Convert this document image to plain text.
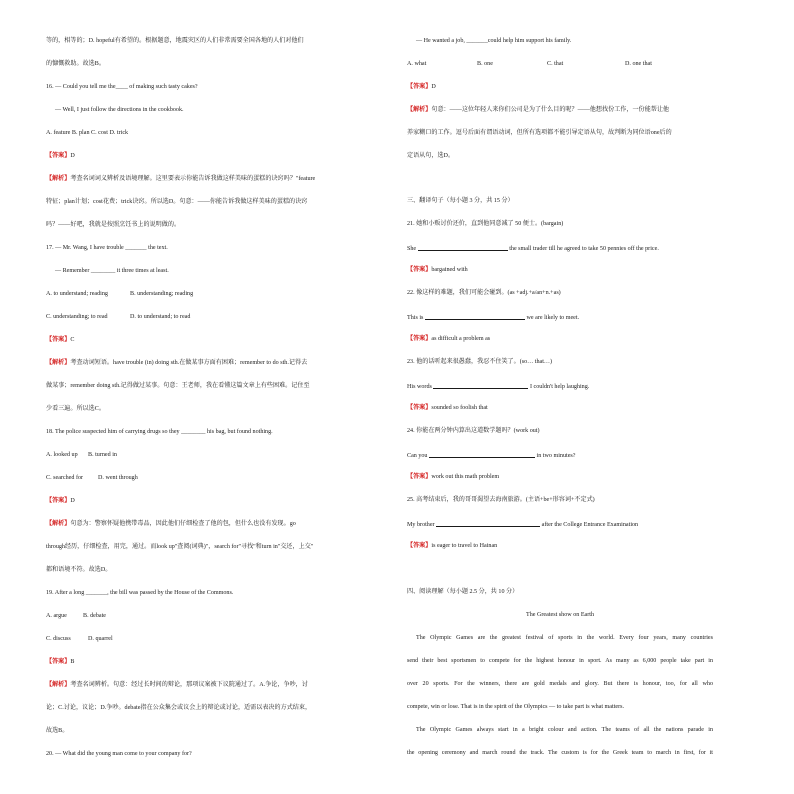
等的，相等的；D. hopeful有希望的。根据题意，地震灾区的人们非常需要全国各地的人们对他们
的慷慨救助。故选B。
16. — Could you tell me the____ of making such tasty cakes?
— Well, I just follow the directions in the cookbook.
A. feature B. plan C. cost D. trick
【答案】D
【解析】考查名词词义辨析及语境理解。这里要表示你能告诉我做这样美味的蛋糕的诀窍吗？"feature
特征；plan计划；cost花费；trick诀窍。所以选D。句意：——你能告诉我做这样美味的蛋糕的诀窍
吗？——好吧，我就是按照烹饪书上的说明做的。
17. — Mr. Wang, I have trouble _______ the text.
— Remember ________ it three times at least.
A. to understand; reading	B. understanding; reading
C. understanding; to read	D. to understand; to read
【答案】C
【解析】考查动词短语。have trouble (in) doing sth.在做某事方面有困难；remember to do sth.记得去
做某事；remember doing sth.记得做过某事。句意：王老师，我在看懂这篇文章上有些困难。记住至
少看三遍。所以选C。
18. The police suspected him of carrying drugs so they ________ his bag, but found nothing.
A. looked up B. turned in
C. searched for D. went through
【答案】D
【解析】句意为：警察怀疑他携带毒品，因此他们仔细检查了他的包，但什么也没有发现。go
through经历，仔细检查，用完，通过。而look up"查阅(词典)"，search for"寻找"和turn in"交还，上交"
都和语境不符。故选D。
19. After a long _______, the bill was passed by the House of the Commons.
A. argue	B. debate
C. discuss	D. quarrel
【答案】B
【解析】考查名词辨析。句意：经过长时间的辩论，那项议案被下议院通过了。A.争论，争吵，讨
论；C.讨论，议论；D.争吵。debate指在公众集会或议会上的辩论或讨论，适需以表决的方式结束，
故选B。
20. — What did the young man come to your company for?
— He wanted a job, _______could help him support his family.
A. what	B. one	C. that	D. one that
【答案】D
【解析】句意：——这位年轻人来你们公司是为了什么目的呢？——他想找份工作，一份能帮让他
养家糊口的工作。逗号后面有谓语动词，但所有选项都不能引导定语从句，故判断为同位语one后的
定语从句，选D。
三、翻译句子（每小题 3 分，共 15 分）
21. 她和小贩讨价还价，直到他同意减了 50 便士。(bargain)
She	the small trader till he agreed to take 50 pennies off the price.
【答案】bargained with
22. 像这样的难题，我们可能会碰到。(as +adj.+a/an+n.+as)
This is	we are likely to meet.
【答案】as difficult a problem as
23. 他的话听起来很愚蠢，我忍不住笑了。(so… that…)
His words	I couldn't help laughing.
【答案】sounded so foolish that
24. 你能在两分钟内算出这道数学题吗？(work out)
Can you	in two minutes?
【答案】work out this math problem
25. 高考结束后，我的哥哥渴望去海南旅游。(主语+be+形容词+不定式)
My brother	after the College Entrance Examination
【答案】is eager to travel to Hainan
四、阅读理解（每小题 2.5 分，共 10 分）
The Greatest show on Earth
The Olympic Games are the greatest festival of sports in the world. Every four years, many countries
send their best sportsmen to compete for the highest honour in sport. As many as 6,000 people take part in
over 20 sports. For the winners, there are gold medals and glory. But there is honour, too, for all who
compete, win or lose. That is in the spirit of the Olympics — to take part is what matters.
The Olympic Games always start in a bright colour and action. The teams of all the nations parade in
the opening ceremony and march round the track. The custom is for the Greek team to march in first, for it
